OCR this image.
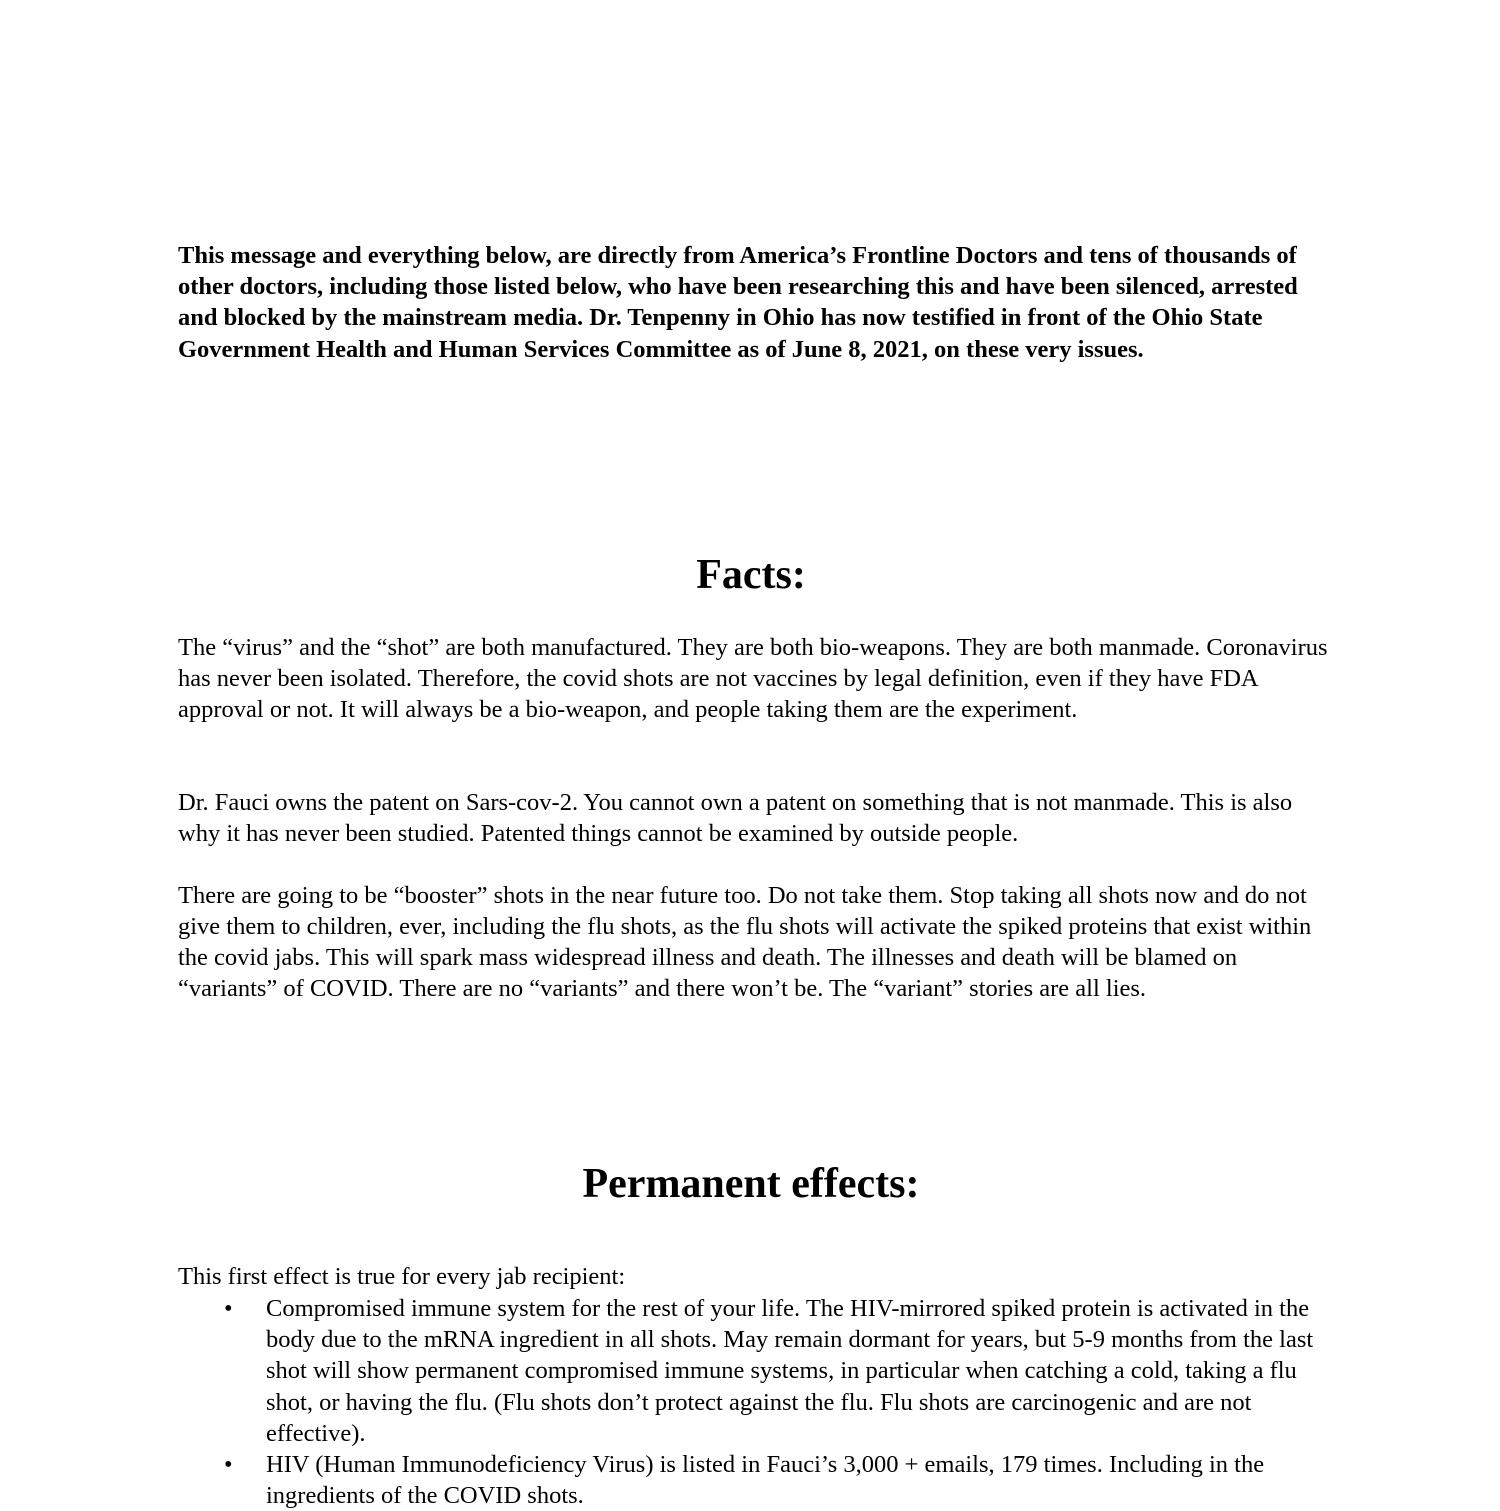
This message and everything below, are directly from America’s Frontline Doctors and tens of thousands of other doctors, including those listed below, who have been researching this and have been silenced, arrested and blocked by the mainstream media. Dr. Tenpenny in Ohio has now testified in front of the Ohio State Government Health and Human Services Committee as of June 8, 2021, on these very issues.

Facts:

The “virus” and the “shot” are both manufactured. They are both bio-weapons. They are both manmade. Coronavirus has never been isolated. Therefore, the covid shots are not vaccines by legal definition, even if they have FDA approval or not. It will always be a bio-weapon, and people taking them are the experiment.

Dr. Fauci owns the patent on Sars-cov-2. You cannot own a patent on something that is not manmade. This is also why it has never been studied. Patented things cannot be examined by outside people.

There are going to be “booster” shots in the near future too. Do not take them. Stop taking all shots now and do not give them to children, ever, including the flu shots, as the flu shots will activate the spiked proteins that exist within the covid jabs. This will spark mass widespread illness and death. The illnesses and death will be blamed on “variants” of COVID. There are no “variants” and there won’t be. The “variant” stories are all lies.

Permanent effects:

This first effect is true for every jab recipient:

• Compromised immune system for the rest of your life. The HIV-mirrored spiked protein is activated in the body due to the mRNA ingredient in all shots. May remain dormant for years, but 5-9 months from the last shot will show permanent compromised immune systems, in particular when catching a cold, taking a flu shot, or having the flu. (Flu shots don’t protect against the flu. Flu shots are carcinogenic and are not effective).
• HIV (Human Immunodeficiency Virus) is listed in Fauci’s 3,000 + emails, 179 times. Including in the ingredients of the COVID shots.
